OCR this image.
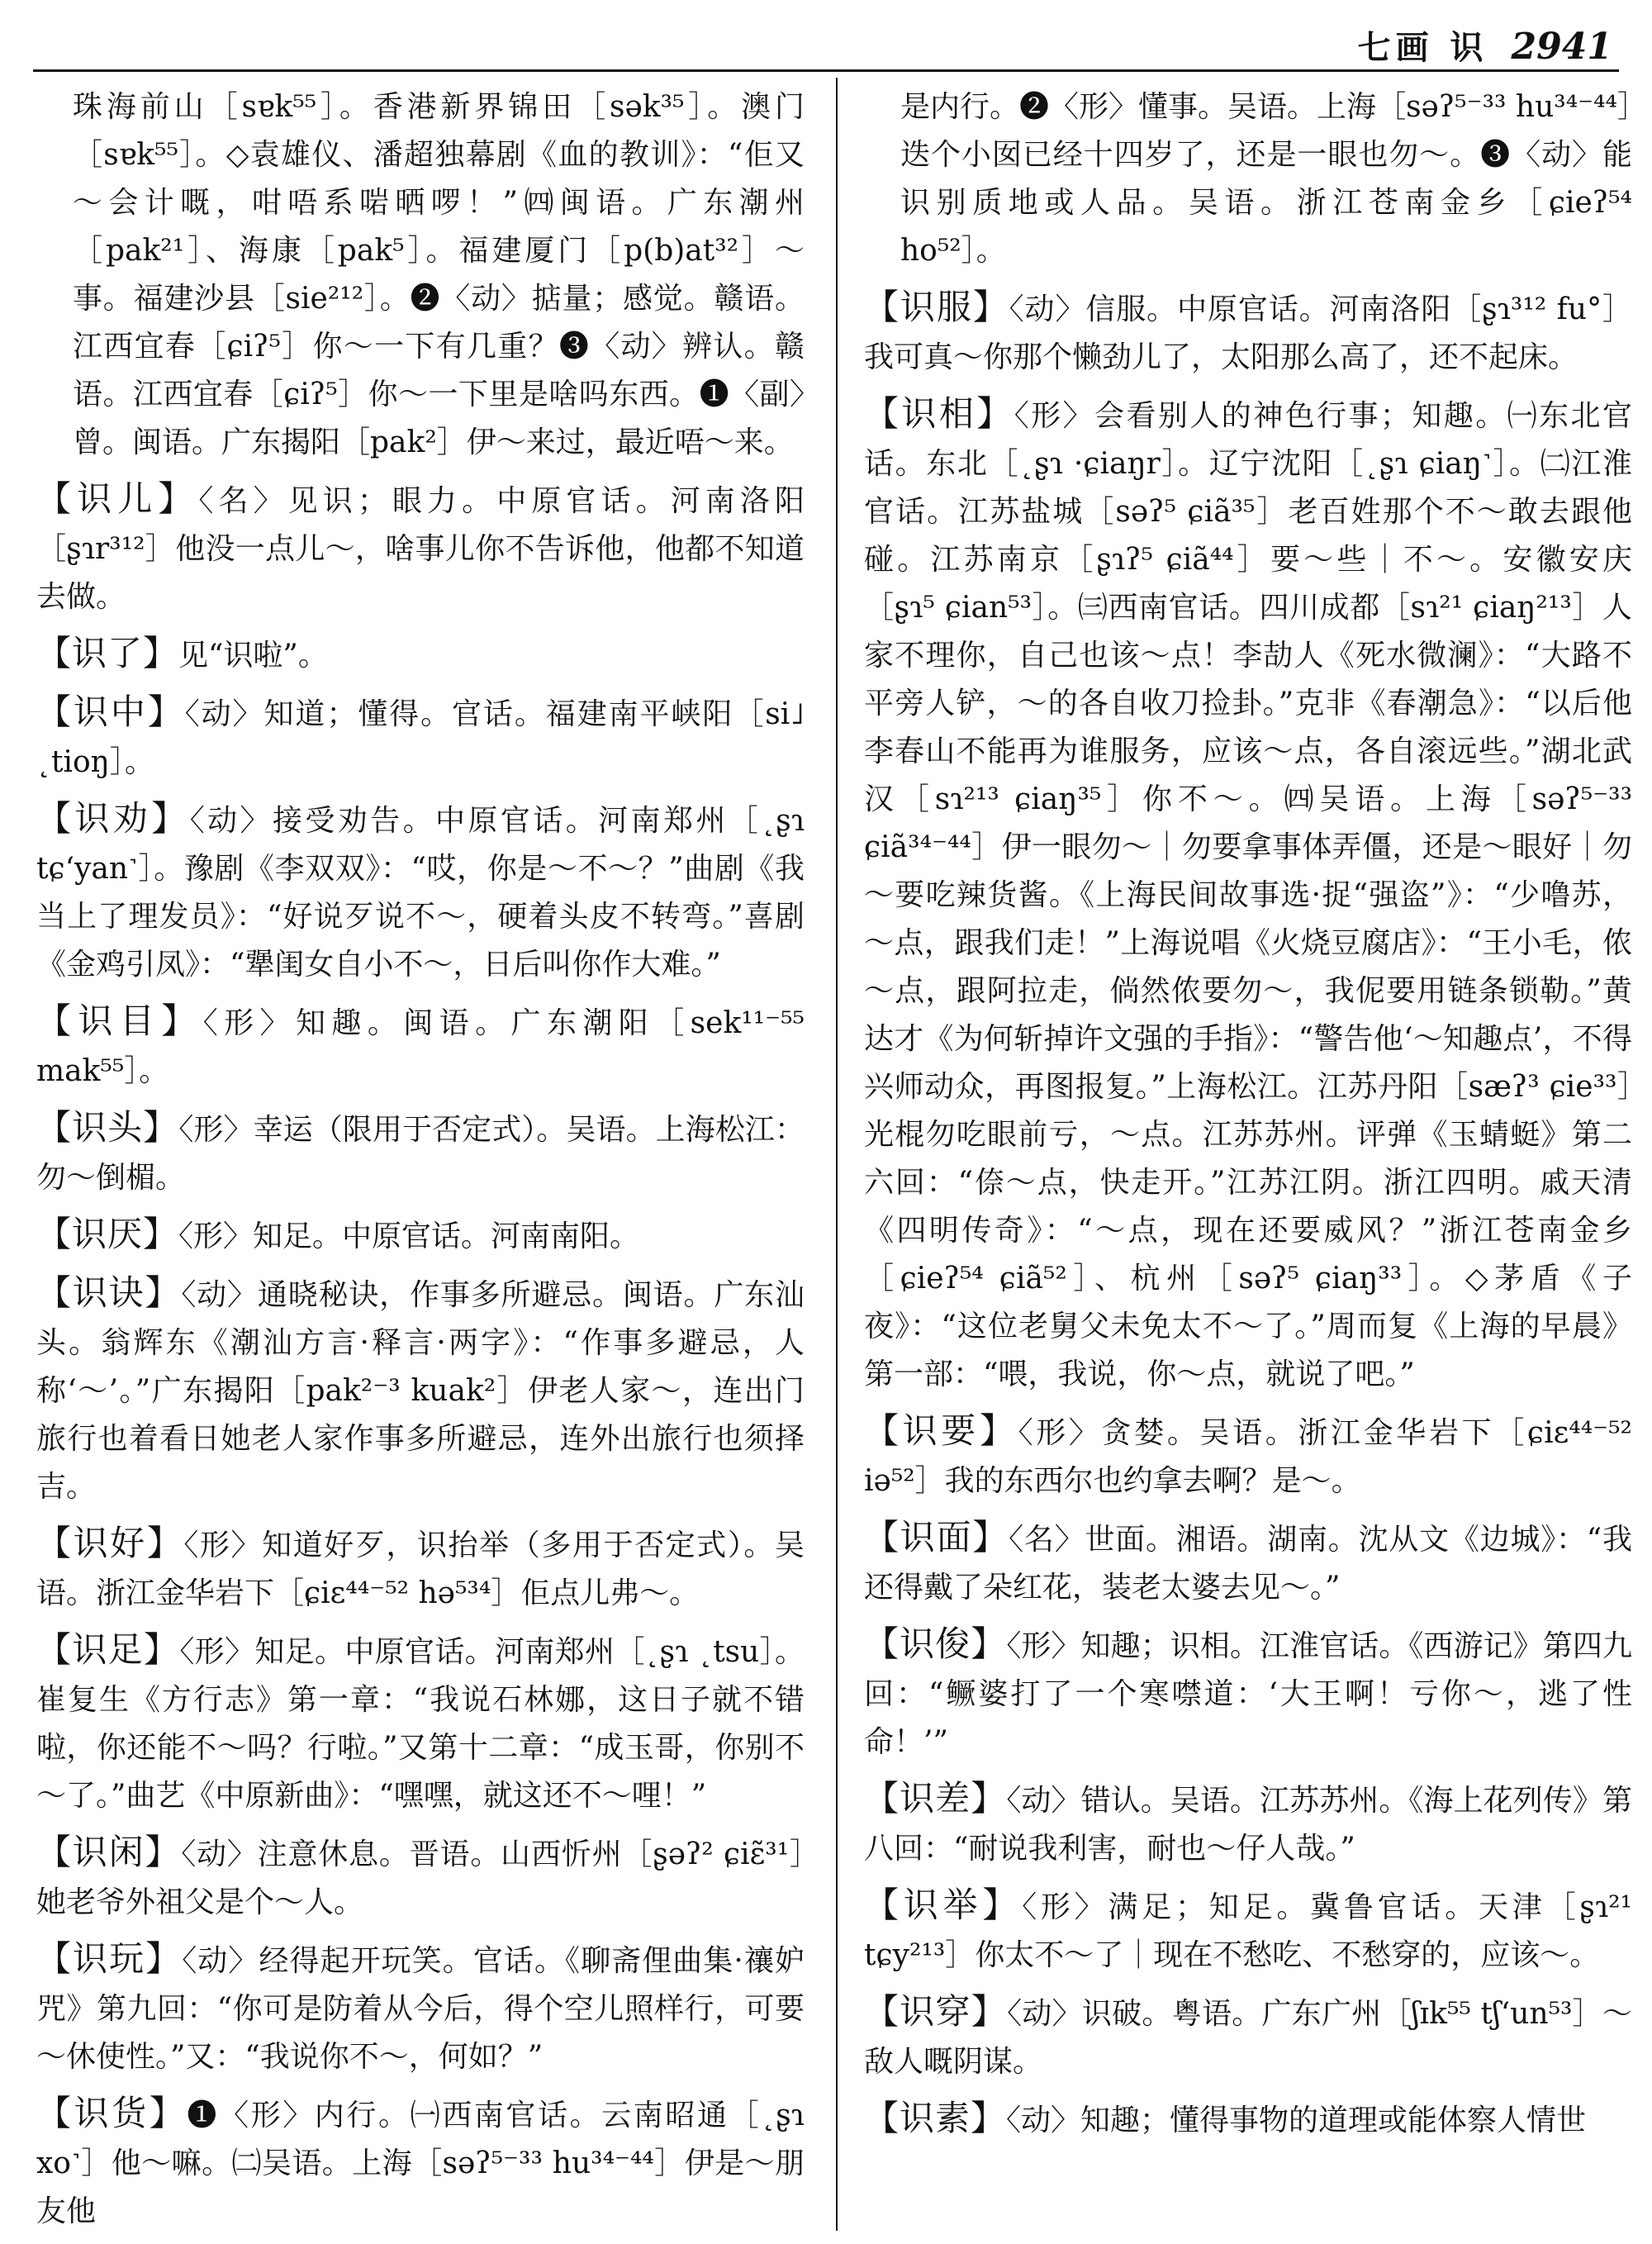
七画 识 2941

珠海前山［sɐk⁵⁵］。香港新界锦田［sək³⁵］。澳门［sɐk⁵⁵］。◇袁雄仪、潘超独幕剧《血的教训》：“佢又～会计嘅，咁唔系啱晒啰！”㈣闽语。广东潮州［pak²¹］、海康［pak⁵］。福建厦门［p(b)at³²］～事。福建沙县［sie²¹²］。❷〈动〉掂量；感觉。赣语。江西宜春［ɕiʔ⁵］你～一下有几重？❸〈动〉辨认。赣语。江西宜春［ɕiʔ⁵］你～一下里是啥吗东西。❶〈副〉曾。闽语。广东揭阳［pak²］伊～来过，最近唔～来。

【识儿】〈名〉见识；眼力。中原官话。河南洛阳［ʂɿr³¹²］他没一点儿～，啥事儿你不告诉他，他都不知道去做。

【识了】见“识啦”。

【识中】〈动〉知道；懂得。官话。福建南平峡阳［si˩ ˛tioŋ］。

【识劝】〈动〉接受劝告。中原官话。河南郑州［˛ʂɿ tɕ‘yan˺］。豫剧《李双双》：“哎，你是～不～？”曲剧《我当上了理发员》：“好说歹说不～，硬着头皮不转弯。”喜剧《金鸡引凤》：“犟闺女自小不～，日后叫你作大难。”

【识目】〈形〉知趣。闽语。广东潮阳［sek¹¹⁻⁵⁵ mak⁵⁵］。

【识头】〈形〉幸运（限用于否定式）。吴语。上海松江：勿～倒楣。

【识厌】〈形〉知足。中原官话。河南南阳。

【识诀】〈动〉通晓秘诀，作事多所避忌。闽语。广东汕头。翁辉东《潮汕方言·释言·两字》：“作事多避忌，人称‘～’。”广东揭阳［pak²⁻³ kuak²］伊老人家～，连出门旅行也着看日她老人家作事多所避忌，连外出旅行也须择吉。

【识好】〈形〉知道好歹，识抬举（多用于否定式）。吴语。浙江金华岩下［ɕiɛ⁴⁴⁻⁵² hə⁵³⁴］佢点儿弗～。

【识足】〈形〉知足。中原官话。河南郑州［˛ʂɿ ˛tsu］。崔复生《方行志》第一章：“我说石林娜，这日子就不错啦，你还能不～吗？行啦。”又第十二章：“成玉哥，你别不～了。”曲艺《中原新曲》：“嘿嘿，就这还不～哩！”

【识闲】〈动〉注意休息。晋语。山西忻州［ʂəʔ² ɕiɛ̃³¹］她老爷外祖父是个～人。

【识玩】〈动〉经得起开玩笑。官话。《聊斋俚曲集·禳妒咒》第九回：“你可是防着从今后，得个空儿照样行，可要～休使性。”又：“我说你不～，何如？”

【识货】❶〈形〉内行。㈠西南官话。云南昭通［˛ʂɿ xo˺］他～嘛。㈡吴语。上海［səʔ⁵⁻³³ hu³⁴⁻⁴⁴］伊是～朋友他

是内行。❷〈形〉懂事。吴语。上海［səʔ⁵⁻³³ hu³⁴⁻⁴⁴］迭个小囡已经十四岁了，还是一眼也勿～。❸〈动〉能识别质地或人品。吴语。浙江苍南金乡［ɕieʔ⁵⁴ ho⁵²］。

【识服】〈动〉信服。中原官话。河南洛阳［ʂɿ³¹² fu°］我可真～你那个懒劲儿了，太阳那么高了，还不起床。

【识相】〈形〉会看别人的神色行事；知趣。㈠东北官话。东北［˛ʂɿ ·ɕiaŋr］。辽宁沈阳［˛ʂɿ ɕiaŋ˺］。㈡江淮官话。江苏盐城［səʔ⁵ ɕiã³⁵］老百姓那个不～敢去跟他碰。江苏南京［ʂɿʔ⁵ ɕiã⁴⁴］要～些｜不～。安徽安庆［ʂɿ⁵ ɕian⁵³］。㈢西南官话。四川成都［sɿ²¹ ɕiaŋ²¹³］人家不理你，自己也该～点！李劼人《死水微澜》：“大路不平旁人铲，～的各自收刀捡卦。”克非《春潮急》：“以后他李春山不能再为谁服务，应该～点，各自滚远些。”湖北武汉［sɿ²¹³ ɕiaŋ³⁵］你不～。㈣吴语。上海［səʔ⁵⁻³³ ɕiã³⁴⁻⁴⁴］伊一眼勿～｜勿要拿事体弄僵，还是～眼好｜勿～要吃辣货酱。《上海民间故事选·捉“强盗”》：“少噜苏，～点，跟我们走！”上海说唱《火烧豆腐店》：“王小毛，侬～点，跟阿拉走，倘然侬要勿～，我伲要用链条锁勒。”黄达才《为何斩掉许文强的手指》：“警告他‘～知趣点’，不得兴师动众，再图报复。”上海松江。江苏丹阳［sæʔ³ ɕie³³］光棍勿吃眼前亏，～点。江苏苏州。评弹《玉蜻蜓》第二六回：“倷～点，快走开。”江苏江阴。浙江四明。戚天清《四明传奇》：“～点，现在还要威风？”浙江苍南金乡［ɕieʔ⁵⁴ ɕiã⁵²］、杭州［səʔ⁵ ɕiaŋ³³］。◇茅盾《子夜》：“这位老舅父未免太不～了。”周而复《上海的早晨》第一部：“喂，我说，你～点，就说了吧。”

【识要】〈形〉贪婪。吴语。浙江金华岩下［ɕiɛ⁴⁴⁻⁵² iə⁵²］我的东西尔也约拿去啊？是～。

【识面】〈名〉世面。湘语。湖南。沈从文《边城》：“我还得戴了朵红花，装老太婆去见～。”

【识俊】〈形〉知趣；识相。江淮官话。《西游记》第四九回：“鳜婆打了一个寒噤道：‘大王啊！亏你～，逃了性命！’”

【识差】〈动〉错认。吴语。江苏苏州。《海上花列传》第八回：“耐说我利害，耐也～仔人哉。”

【识举】〈形〉满足；知足。冀鲁官话。天津［ʂɿ²¹ tɕy²¹³］你太不～了｜现在不愁吃、不愁穿的，应该～。

【识穿】〈动〉识破。粤语。广东广州［ʃɪk⁵⁵ tʃ‘un⁵³］～敌人嘅阴谋。

【识素】〈动〉知趣；懂得事物的道理或能体察人情世
